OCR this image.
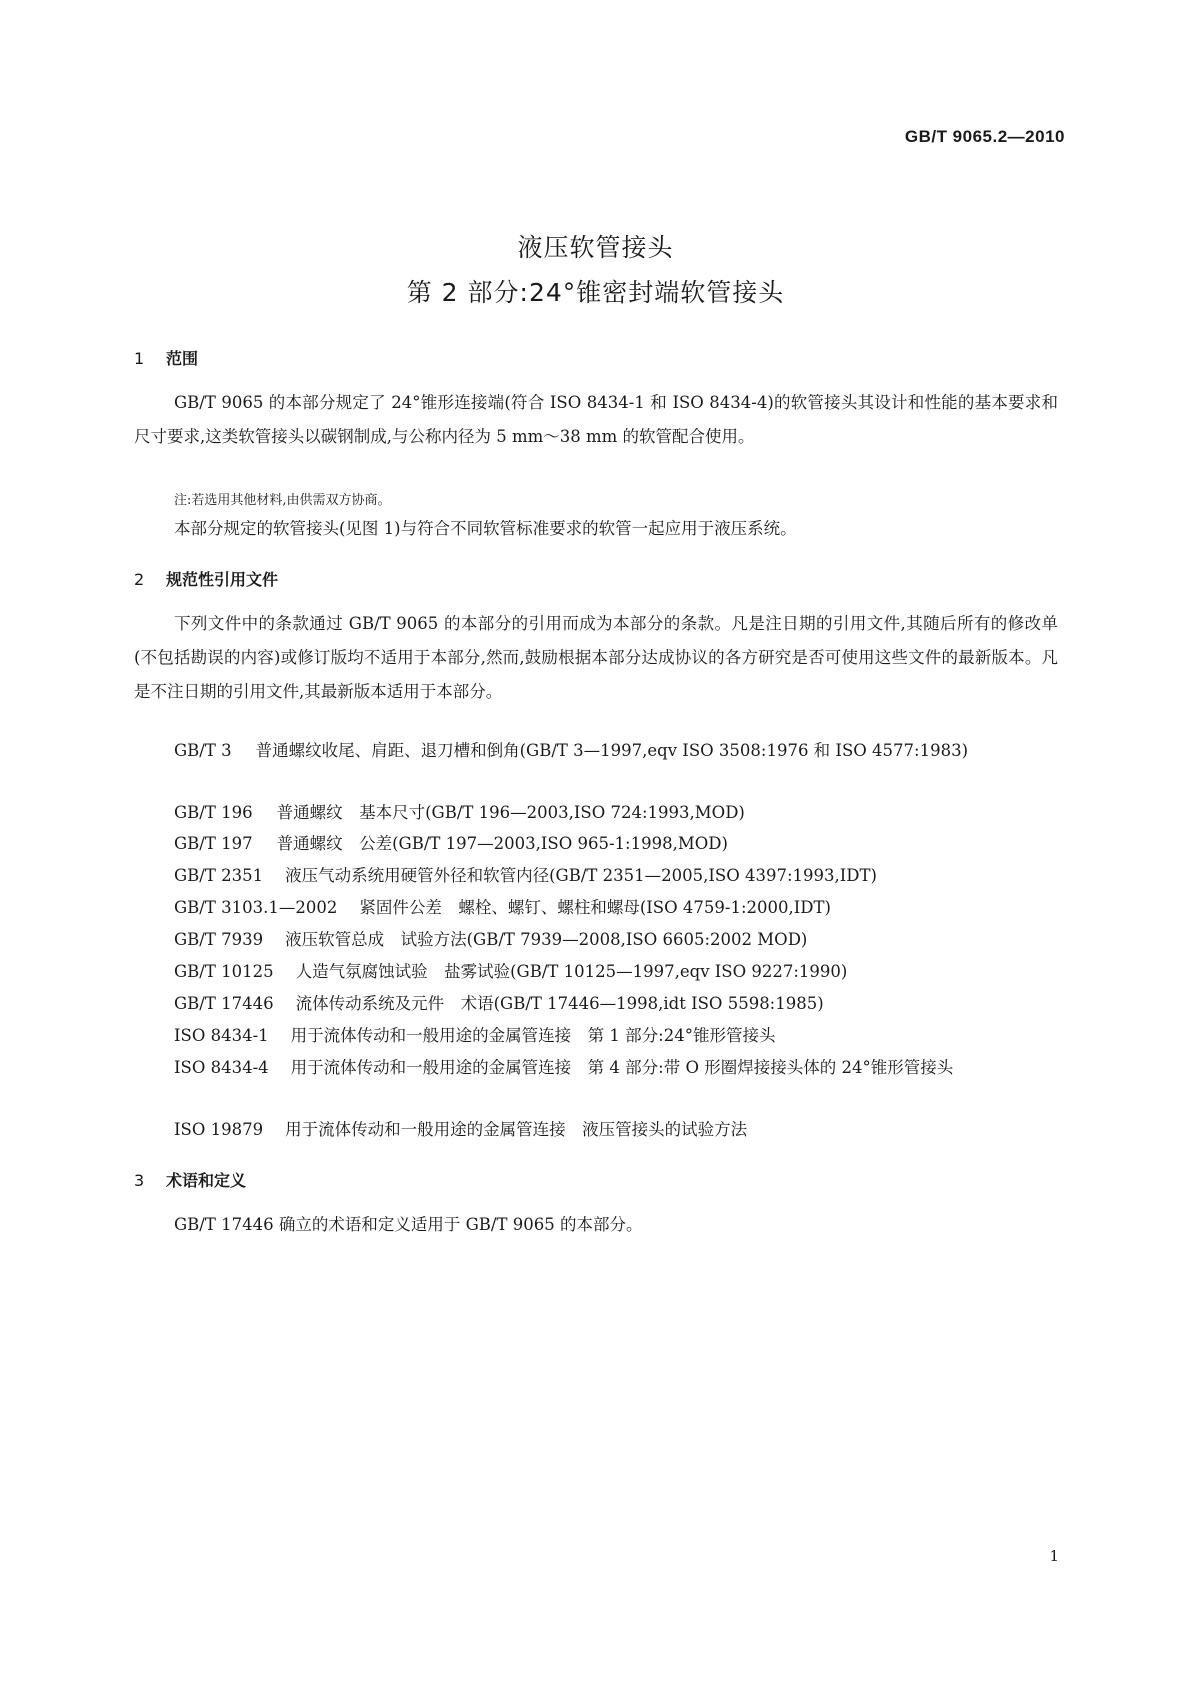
GB/T 9065.2—2010
液压软管接头
第 2 部分:24°锥密封端软管接头
1 范围
GB/T 9065 的本部分规定了 24°锥形连接端(符合 ISO 8434-1 和 ISO 8434-4)的软管接头其设计和性能的基本要求和尺寸要求,这类软管接头以碳钢制成,与公称内径为 5 mm～38 mm 的软管配合使用。
注:若选用其他材料,由供需双方协商。
本部分规定的软管接头(见图 1)与符合不同软管标准要求的软管一起应用于液压系统。
2 规范性引用文件
下列文件中的条款通过 GB/T 9065 的本部分的引用而成为本部分的条款。凡是注日期的引用文件,其随后所有的修改单(不包括勘误的内容)或修订版均不适用于本部分,然而,鼓励根据本部分达成协议的各方研究是否可使用这些文件的最新版本。凡是不注日期的引用文件,其最新版本适用于本部分。
GB/T 3 普通螺纹收尾、肩距、退刀槽和倒角(GB/T 3—1997,eqv ISO 3508:1976 和 ISO 4577:1983)
GB/T 196 普通螺纹　基本尺寸(GB/T 196—2003,ISO 724:1993,MOD)
GB/T 197 普通螺纹　公差(GB/T 197—2003,ISO 965-1:1998,MOD)
GB/T 2351 液压气动系统用硬管外径和软管内径(GB/T 2351—2005,ISO 4397:1993,IDT)
GB/T 3103.1—2002 紧固件公差　螺栓、螺钉、螺柱和螺母(ISO 4759-1:2000,IDT)
GB/T 7939 液压软管总成　试验方法(GB/T 7939—2008,ISO 6605:2002 MOD)
GB/T 10125 人造气氛腐蚀试验　盐雾试验(GB/T 10125—1997,eqv ISO 9227:1990)
GB/T 17446 流体传动系统及元件　术语(GB/T 17446—1998,idt ISO 5598:1985)
ISO 8434-1 用于流体传动和一般用途的金属管连接　第 1 部分:24°锥形管接头
ISO 8434-4 用于流体传动和一般用途的金属管连接　第 4 部分:带 O 形圈焊接接头体的 24°锥形管接头
ISO 19879 用于流体传动和一般用途的金属管连接　液压管接头的试验方法
3 术语和定义
GB/T 17446 确立的术语和定义适用于 GB/T 9065 的本部分。
1
